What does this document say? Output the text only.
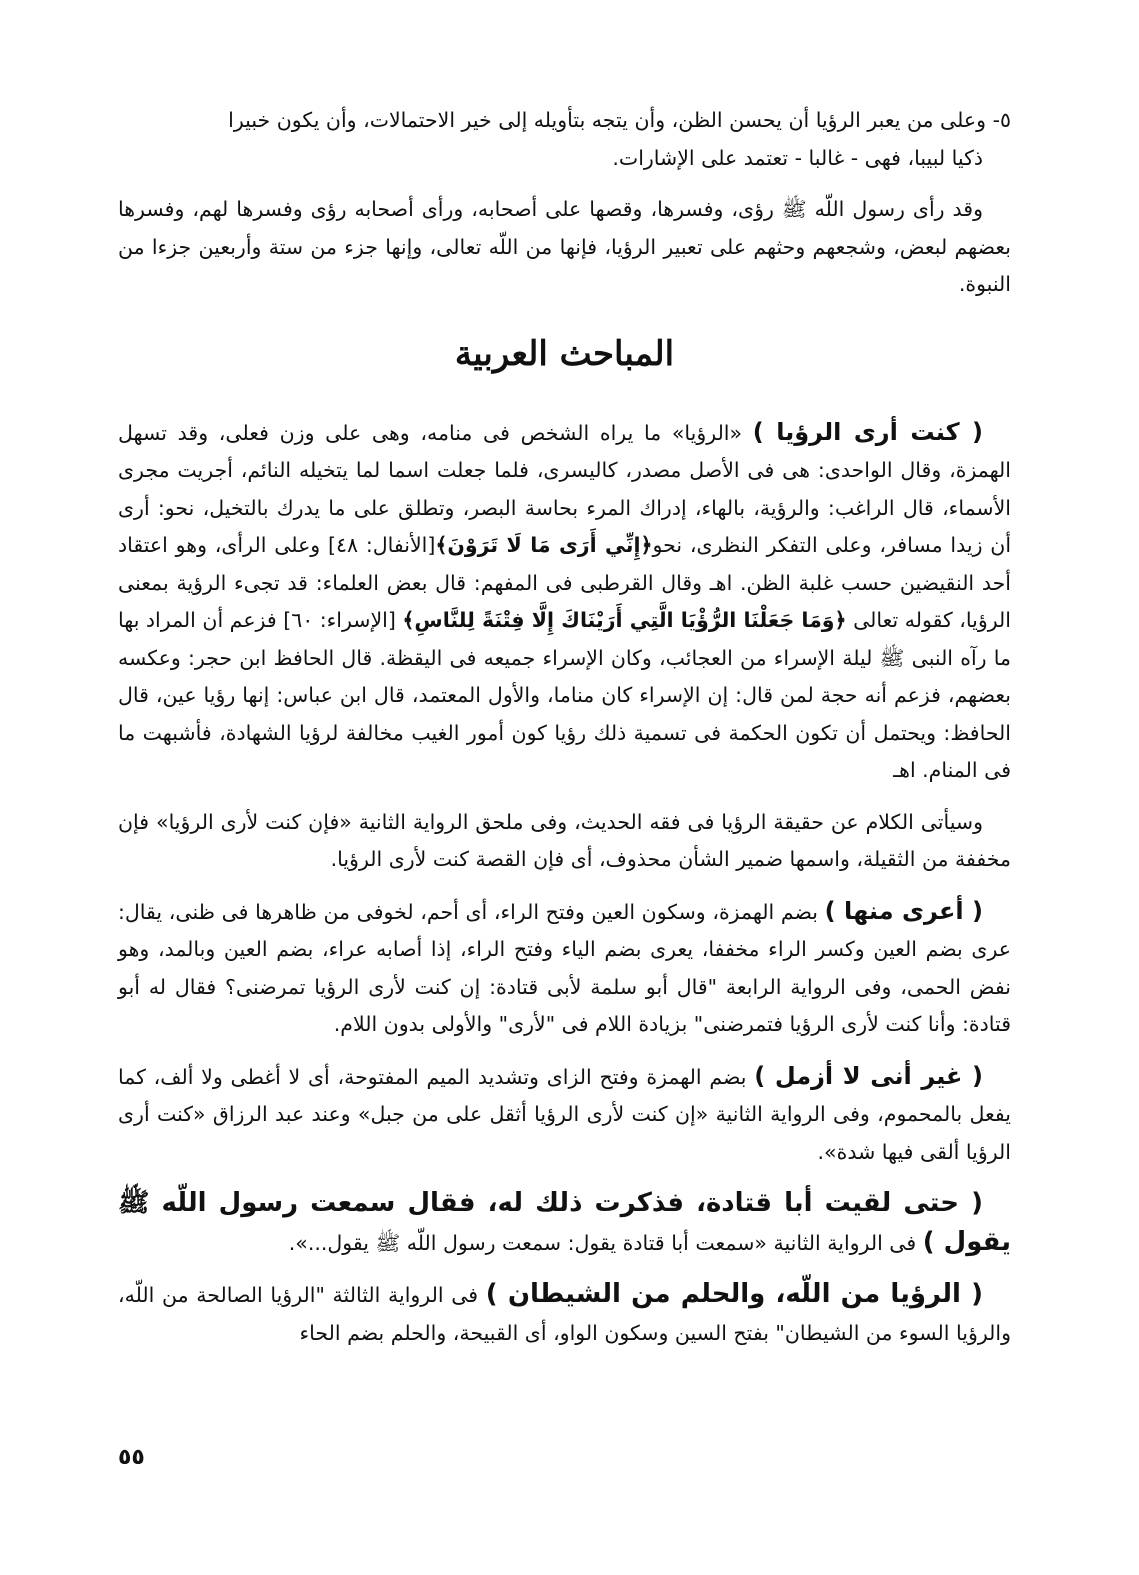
٥- وعلى من يعبر الرؤيا أن يحسن الظن، وأن يتجه بتأويله إلى خير الاحتمالات، وأن يكون خبيرا
ذكيا لبيبا، فهى - غالبا - تعتمد على الإشارات.

وقد رأى رسول اللّه ﷺ رؤى، وفسرها، وقصها على أصحابه، ورأى أصحابه رؤى وفسرها لهم، وفسرها بعضهم لبعض، وشجعهم وحثهم على تعبير الرؤيا، فإنها من اللّه تعالى، وإنها جزء من ستة وأربعين جزءا من النبوة.

المباحث العربية

( كنت أرى الرؤيا ) «الرؤيا» ما يراه الشخص فى منامه، وهى على وزن فعلى، وقد تسهل الهمزة، وقال الواحدى: هى فى الأصل مصدر، كاليسرى، فلما جعلت اسما لما يتخيله النائم، أجريت مجرى الأسماء، قال الراغب: والرؤية، بالهاء، إدراك المرء بحاسة البصر، وتطلق على ما يدرك بالتخيل، نحو: أرى أن زيدا مسافر، وعلى التفكر النظرى، نحو﴿إِنِّي أَرَى مَا لَا تَرَوْنَ﴾[الأنفال: ٤٨] وعلى الرأى، وهو اعتقاد أحد النقيضين حسب غلبة الظن. اهـ وقال القرطبى فى المفهم: قال بعض العلماء: قد تجىء الرؤية بمعنى الرؤيا، كقوله تعالى ﴿وَمَا جَعَلْنَا الرُّؤْيَا الَّتِي أَرَيْنَاكَ إِلَّا فِتْنَةً لِلنَّاسِ﴾ [الإسراء: ٦٠] فزعم أن المراد بها ما رآه النبى ﷺ ليلة الإسراء من العجائب، وكان الإسراء جميعه فى اليقظة. قال الحافظ ابن حجر: وعكسه بعضهم، فزعم أنه حجة لمن قال: إن الإسراء كان مناما، والأول المعتمد، قال ابن عباس: إنها رؤيا عين، قال الحافظ: ويحتمل أن تكون الحكمة فى تسمية ذلك رؤيا كون أمور الغيب مخالفة لرؤيا الشهادة، فأشبهت ما فى المنام. اهـ

وسيأتى الكلام عن حقيقة الرؤيا فى فقه الحديث، وفى ملحق الرواية الثانية «فإن كنت لأرى الرؤيا» فإن مخففة من الثقيلة، واسمها ضمير الشأن محذوف، أى فإن القصة كنت لأرى الرؤيا.

( أعرى منها ) بضم الهمزة، وسكون العين وفتح الراء، أى أحم، لخوفى من ظاهرها فى ظنى، يقال: عرى بضم العين وكسر الراء مخففا، يعرى بضم الياء وفتح الراء، إذا أصابه عراء، بضم العين وبالمد، وهو نفض الحمى، وفى الرواية الرابعة "قال أبو سلمة لأبى قتادة: إن كنت لأرى الرؤيا تمرضنى؟ فقال له أبو قتادة: وأنا كنت لأرى الرؤيا فتمرضنى" بزيادة اللام فى "لأرى" والأولى بدون اللام.

( غير أنى لا أزمل ) بضم الهمزة وفتح الزاى وتشديد الميم المفتوحة، أى لا أغطى ولا ألف، كما يفعل بالمحموم، وفى الرواية الثانية «إن كنت لأرى الرؤيا أثقل على من جبل» وعند عبد الرزاق «كنت أرى الرؤيا ألقى فيها شدة».

( حتى لقيت أبا قتادة، فذكرت ذلك له، فقال سمعت رسول اللّه ﷺ يقول ) فى الرواية الثانية «سمعت أبا قتادة يقول: سمعت رسول اللّه ﷺ يقول...».

( الرؤيا من اللّه، والحلم من الشيطان ) فى الرواية الثالثة "الرؤيا الصالحة من اللّه، والرؤيا السوء من الشيطان" بفتح السين وسكون الواو، أى القبيحة، والحلم بضم الحاء

٥٥
